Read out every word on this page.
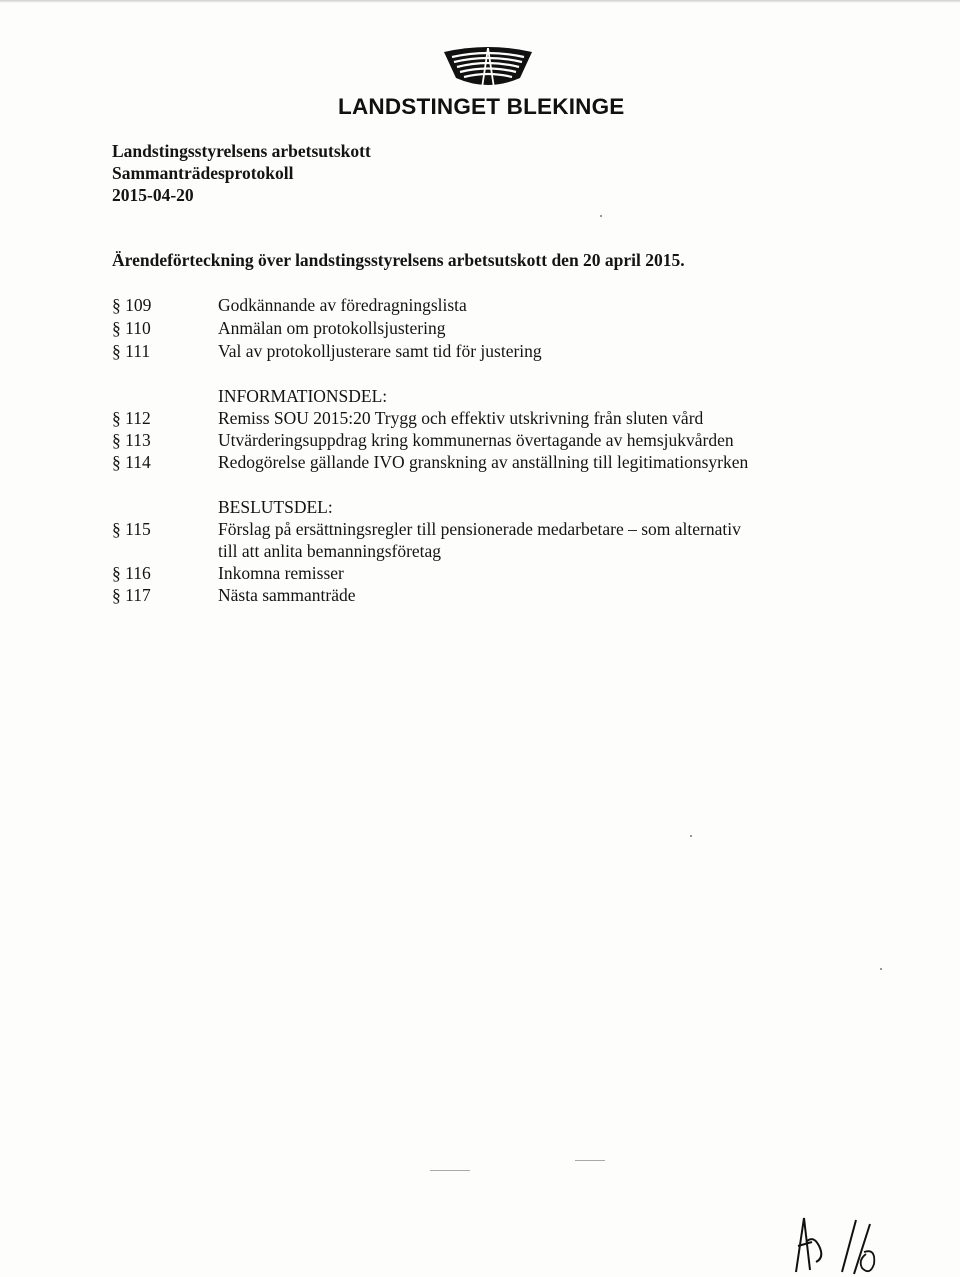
LANDSTINGET BLEKINGE
Landstingsstyrelsens arbetsutskott
Sammanträdesprotokoll
2015-04-20
Ärendeförteckning över landstingsstyrelsens arbetsutskott den 20 april 2015.
§ 109	Godkännande av föredragningslista
§ 110	Anmälan om protokollsjustering
§ 111	Val av protokolljusterare samt tid för justering
INFORMATIONSDEL:
§ 112	Remiss SOU 2015:20 Trygg och effektiv utskrivning från sluten vård
§ 113	Utvärderingsuppdrag kring kommunernas övertagande av hemsjukvården
§ 114	Redogörelse gällande IVO granskning av anställning till legitimationsyrken
BESLUTSDEL:
§ 115	Förslag på ersättningsregler till pensionerade medarbetare – som alternativ
till att anlita bemanningsföretag
§ 116	Inkomna remisser
§ 117	Nästa sammanträde
